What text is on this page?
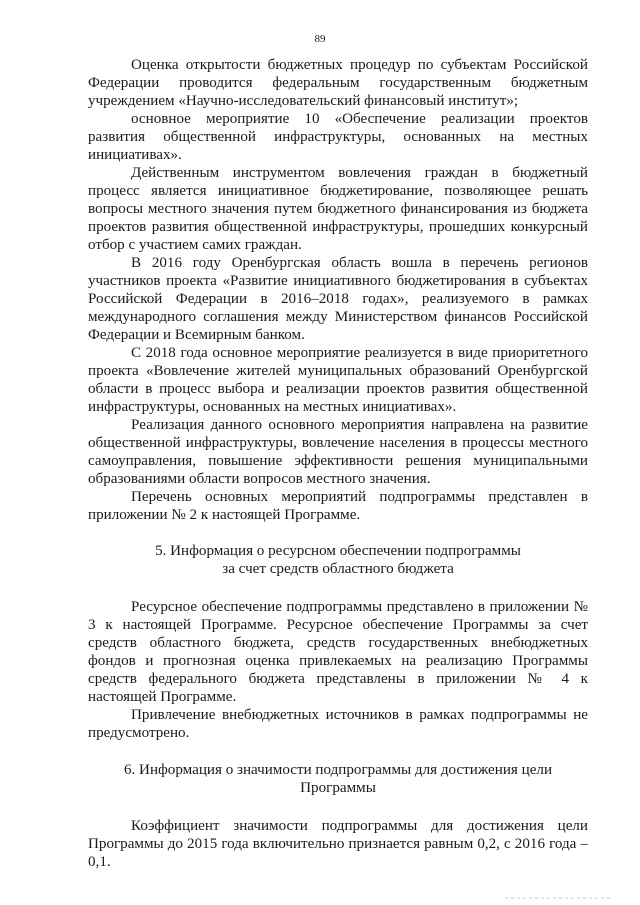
89

Оценка открытости бюджетных процедур по субъектам Российской Федерации проводится федеральным государственным бюджетным учреждением «Научно-исследовательский финансовый институт»;

основное мероприятие 10 «Обеспечение реализации проектов развития общественной инфраструктуры, основанных на местных инициативах».

Действенным инструментом вовлечения граждан в бюджетный процесс является инициативное бюджетирование, позволяющее решать вопросы местного значения путем бюджетного финансирования из бюджета проектов развития общественной инфраструктуры, прошедших конкурсный отбор с участием самих граждан.

В 2016 году Оренбургская область вошла в перечень регионов участников проекта «Развитие инициативного бюджетирования в субъектах Российской Федерации в 2016–2018 годах», реализуемого в рамках международного соглашения между Министерством финансов Российской Федерации и Всемирным банком.

С 2018 года основное мероприятие реализуется в виде приоритетного проекта «Вовлечение жителей муниципальных образований Оренбургской области в процесс выбора и реализации проектов развития общественной инфраструктуры, основанных на местных инициативах».

Реализация данного основного мероприятия направлена на развитие общественной инфраструктуры, вовлечение населения в процессы местного самоуправления, повышение эффективности решения муниципальными образованиями области вопросов местного значения.

Перечень основных мероприятий подпрограммы представлен в приложении № 2 к настоящей Программе.

5. Информация о ресурсном обеспечении подпрограммы
за счет средств областного бюджета

Ресурсное обеспечение подпрограммы представлено в приложении № 3 к настоящей Программе. Ресурсное обеспечение Программы за счет средств областного бюджета, средств государственных внебюджетных фондов и прогнозная оценка привлекаемых на реализацию Программы средств федерального бюджета представлены в приложении № 4 к настоящей Программе.

Привлечение внебюджетных источников в рамках подпрограммы не предусмотрено.

6. Информация о значимости подпрограммы для достижения цели
Программы

Коэффициент значимости подпрограммы для достижения цели Программы до 2015 года включительно признается равным 0,2, с 2016 года – 0,1.
